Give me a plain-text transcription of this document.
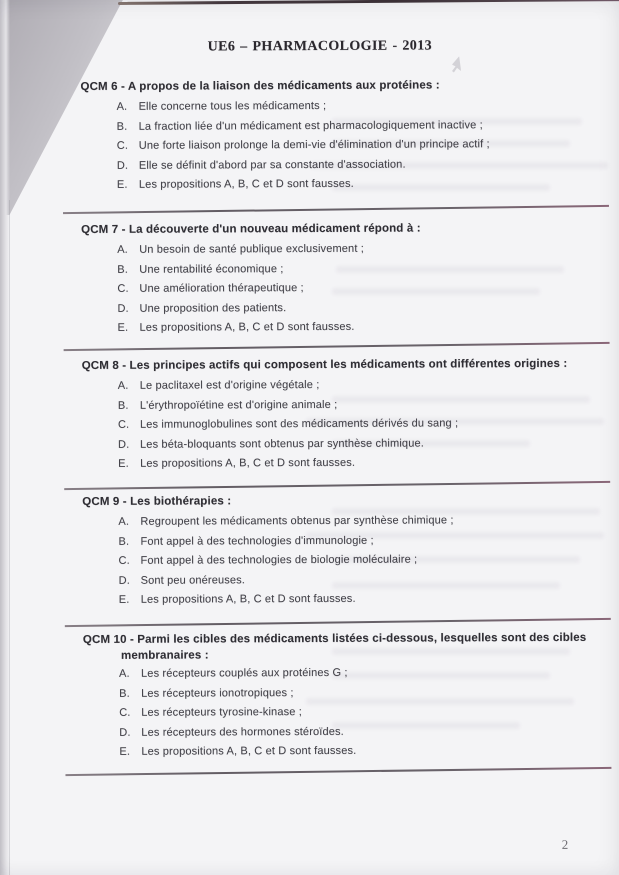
UE6 – PHARMACOLOGIE - 2013
QCM 6 - A propos de la liaison des médicaments aux protéines :
A.	Elle concerne tous les médicaments ;
B.	La fraction liée d'un médicament est pharmacologiquement inactive ;
C. Une forte liaison prolonge la demi-vie d'élimination d'un principe actif ;
D. Elle se définit d'abord par sa constante d'association.
E.	Les propositions A, B, C et D sont fausses.
QCM 7 - La découverte d'un nouveau médicament répond à :
A.	Un besoin de santé publique exclusivement ;
B.	Une rentabilité économique ;
C. Une amélioration thérapeutique ;
D. Une proposition des patients.
E.	Les propositions A, B, C et D sont fausses.
QCM 8 - Les principes actifs qui composent les médicaments ont différentes origines :
A.	Le paclitaxel est d'origine végétale ;
B.	L'érythropoïétine est d'origine animale ;
C. Les immunoglobulines sont des médicaments dérivés du sang ;
D. Les béta-bloquants sont obtenus par synthèse chimique.
E.	Les propositions A, B, C et D sont fausses.
QCM 9 - Les biothérapies :
A.	Regroupent les médicaments obtenus par synthèse chimique ;
B.	Font appel à des technologies d'immunologie ;
C. Font appel à des technologies de biologie moléculaire ;
D. Sont peu onéreuses.
E.	Les propositions A, B, C et D sont fausses.
QCM 10 - Parmi les cibles des médicaments listées ci-dessous, lesquelles sont des cibles membranaires :
A.	Les récepteurs couplés aux protéines G ;
B.	Les récepteurs ionotropiques ;
C. Les récepteurs tyrosine-kinase ;
D. Les récepteurs des hormones stéroïdes.
E.	Les propositions A, B, C et D sont fausses.
2
